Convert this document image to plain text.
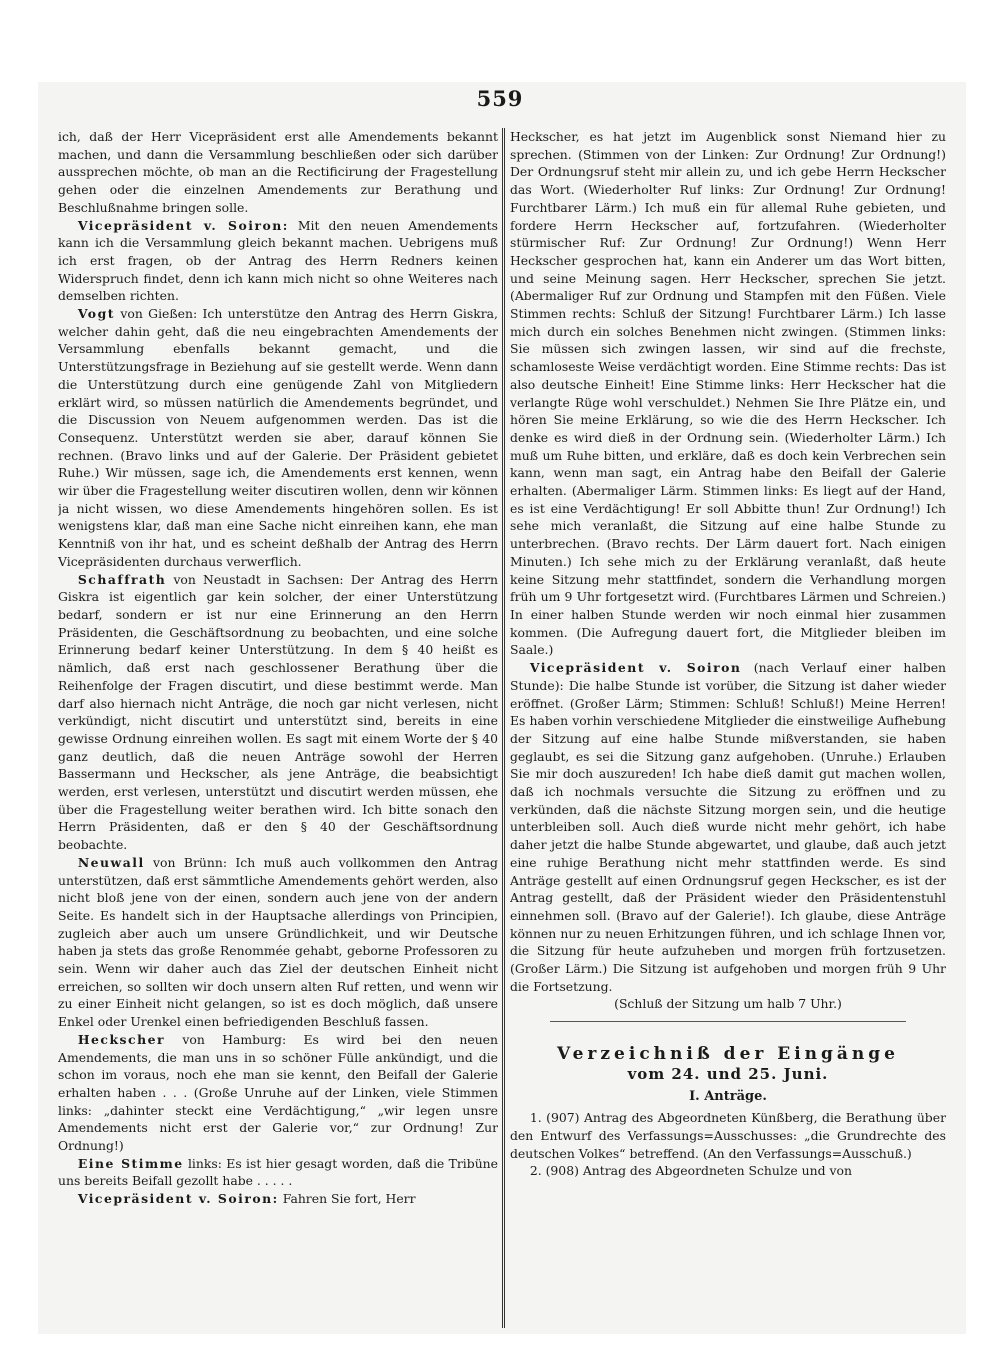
559

ich, daß der Herr Vicepräsident erst alle Amendements bekannt machen, und dann die Versammlung beschließen oder sich darüber aussprechen möchte, ob man an die Rectificirung der Fragestellung gehen oder die einzelnen Amendements zur Berathung und Beschlußnahme bringen solle.

Vicepräsident v. Soiron: Mit den neuen Amendements kann ich die Versammlung gleich bekannt machen. Uebrigens muß ich erst fragen, ob der Antrag des Herrn Redners keinen Widerspruch findet, denn ich kann mich nicht so ohne Weiteres nach demselben richten.

Vogt von Gießen: Ich unterstütze den Antrag des Herrn Giskra, welcher dahin geht, daß die neu eingebrachten Amendements der Versammlung ebenfalls bekannt gemacht, und die Unterstützungsfrage in Beziehung auf sie gestellt werde. Wenn dann die Unterstützung durch eine genügende Zahl von Mitgliedern erklärt wird, so müssen natürlich die Amendements begründet, und die Discussion von Neuem aufgenommen werden. Das ist die Consequenz. Unterstützt werden sie aber, darauf können Sie rechnen. (Bravo links und auf der Galerie. Der Präsident gebietet Ruhe.) Wir müssen, sage ich, die Amendements erst kennen, wenn wir über die Fragestellung weiter discutiren wollen, denn wir können ja nicht wissen, wo diese Amendements hingehören sollen. Es ist wenigstens klar, daß man eine Sache nicht einreihen kann, ehe man Kenntniß von ihr hat, und es scheint deßhalb der Antrag des Herrn Vicepräsidenten durchaus verwerflich.

Schaffrath von Neustadt in Sachsen: Der Antrag des Herrn Giskra ist eigentlich gar kein solcher, der einer Unterstützung bedarf, sondern er ist nur eine Erinnerung an den Herrn Präsidenten, die Geschäftsordnung zu beobachten, und eine solche Erinnerung bedarf keiner Unterstützung. In dem § 40 heißt es nämlich, daß erst nach geschlossener Berathung über die Reihenfolge der Fragen discutirt, und diese bestimmt werde. Man darf also hiernach nicht Anträge, die noch gar nicht verlesen, nicht verkündigt, nicht discutirt und unterstützt sind, bereits in eine gewisse Ordnung einreihen wollen. Es sagt mit einem Worte der § 40 ganz deutlich, daß die neuen Anträge sowohl der Herren Bassermann und Heckscher, als jene Anträge, die beabsichtigt werden, erst verlesen, unterstützt und discutirt werden müssen, ehe über die Fragestellung weiter berathen wird. Ich bitte sonach den Herrn Präsidenten, daß er den § 40 der Geschäftsordnung beobachte.

Neuwall von Brünn: Ich muß auch vollkommen den Antrag unterstützen, daß erst sämmtliche Amendements gehört werden, also nicht bloß jene von der einen, sondern auch jene von der andern Seite. Es handelt sich in der Hauptsache allerdings von Principien, zugleich aber auch um unsere Gründlichkeit, und wir Deutsche haben ja stets das große Renommée gehabt, geborne Professoren zu sein. Wenn wir daher auch das Ziel der deutschen Einheit nicht erreichen, so sollten wir doch unsern alten Ruf retten, und wenn wir zu einer Einheit nicht gelangen, so ist es doch möglich, daß unsere Enkel oder Urenkel einen befriedigenden Beschluß fassen.

Heckscher von Hamburg: Es wird bei den neuen Amendements, die man uns in so schöner Fülle ankündigt, und die schon im voraus, noch ehe man sie kennt, den Beifall der Galerie erhalten haben . . . (Große Unruhe auf der Linken, viele Stimmen links: „dahinter steckt eine Verdächtigung,“ „wir legen unsre Amendements nicht erst der Galerie vor,“ zur Ordnung! Zur Ordnung!)

Eine Stimme links: Es ist hier gesagt worden, daß die Tribüne uns bereits Beifall gezollt habe . . . . .

Vicepräsident v. Soiron: Fahren Sie fort, Herr

Heckscher, es hat jetzt im Augenblick sonst Niemand hier zu sprechen. (Stimmen von der Linken: Zur Ordnung! Zur Ordnung!) Der Ordnungsruf steht mir allein zu, und ich gebe Herrn Heckscher das Wort. (Wiederholter Ruf links: Zur Ordnung! Zur Ordnung! Furchtbarer Lärm.) Ich muß ein für allemal Ruhe gebieten, und fordere Herrn Heckscher auf, fortzufahren. (Wiederholter stürmischer Ruf: Zur Ordnung! Zur Ordnung!) Wenn Herr Heckscher gesprochen hat, kann ein Anderer um das Wort bitten, und seine Meinung sagen. Herr Heckscher, sprechen Sie jetzt. (Abermaliger Ruf zur Ordnung und Stampfen mit den Füßen. Viele Stimmen rechts: Schluß der Sitzung! Furchtbarer Lärm.) Ich lasse mich durch ein solches Benehmen nicht zwingen. (Stimmen links: Sie müssen sich zwingen lassen, wir sind auf die frechste, schamloseste Weise verdächtigt worden. Eine Stimme rechts: Das ist also deutsche Einheit! Eine Stimme links: Herr Heckscher hat die verlangte Rüge wohl verschuldet.) Nehmen Sie Ihre Plätze ein, und hören Sie meine Erklärung, so wie die des Herrn Heckscher. Ich denke es wird dieß in der Ordnung sein. (Wiederholter Lärm.) Ich muß um Ruhe bitten, und erkläre, daß es doch kein Verbrechen sein kann, wenn man sagt, ein Antrag habe den Beifall der Galerie erhalten. (Abermaliger Lärm. Stimmen links: Es liegt auf der Hand, es ist eine Verdächtigung! Er soll Abbitte thun! Zur Ordnung!) Ich sehe mich veranlaßt, die Sitzung auf eine halbe Stunde zu unterbrechen. (Bravo rechts. Der Lärm dauert fort. Nach einigen Minuten.) Ich sehe mich zu der Erklärung veranlaßt, daß heute keine Sitzung mehr stattfindet, sondern die Verhandlung morgen früh um 9 Uhr fortgesetzt wird. (Furchtbares Lärmen und Schreien.) In einer halben Stunde werden wir noch einmal hier zusammen kommen. (Die Aufregung dauert fort, die Mitglieder bleiben im Saale.)

Vicepräsident v. Soiron (nach Verlauf einer halben Stunde): Die halbe Stunde ist vorüber, die Sitzung ist daher wieder eröffnet. (Großer Lärm; Stimmen: Schluß! Schluß!) Meine Herren! Es haben vorhin verschiedene Mitglieder die einstweilige Aufhebung der Sitzung auf eine halbe Stunde mißverstanden, sie haben geglaubt, es sei die Sitzung ganz aufgehoben. (Unruhe.) Erlauben Sie mir doch auszureden! Ich habe dieß damit gut machen wollen, daß ich nochmals versuchte die Sitzung zu eröffnen und zu verkünden, daß die nächste Sitzung morgen sein, und die heutige unterbleiben soll. Auch dieß wurde nicht mehr gehört, ich habe daher jetzt die halbe Stunde abgewartet, und glaube, daß auch jetzt eine ruhige Berathung nicht mehr stattfinden werde. Es sind Anträge gestellt auf einen Ordnungsruf gegen Heckscher, es ist der Antrag gestellt, daß der Präsident wieder den Präsidentenstuhl einnehmen soll. (Bravo auf der Galerie!). Ich glaube, diese Anträge können nur zu neuen Erhitzungen führen, und ich schlage Ihnen vor, die Sitzung für heute aufzuheben und morgen früh fortzusetzen. (Großer Lärm.) Die Sitzung ist aufgehoben und morgen früh 9 Uhr die Fortsetzung.

(Schluß der Sitzung um halb 7 Uhr.)

Verzeichniß der Eingänge
vom 24. und 25. Juni.
I. Anträge.

1. (907) Antrag des Abgeordneten Künßberg, die Berathung über den Entwurf des Verfassungs=Ausschusses: „die Grundrechte des deutschen Volkes“ betreffend. (An den Verfassungs=Ausschuß.)

2. (908) Antrag des Abgeordneten Schulze und von
